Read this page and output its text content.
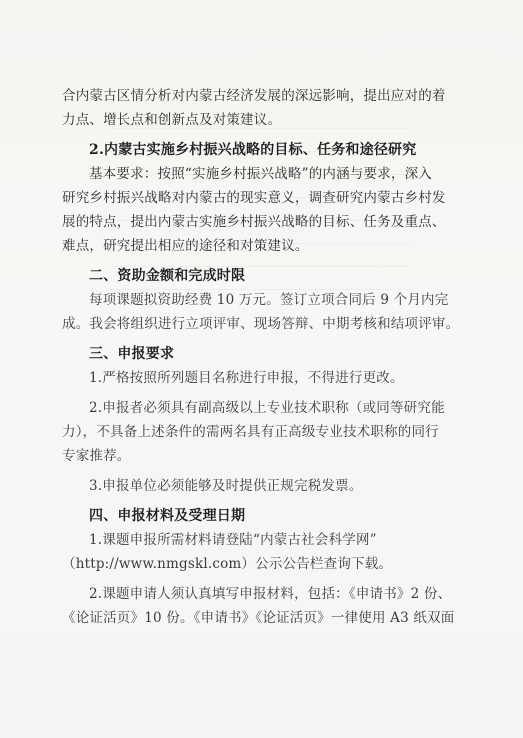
合内蒙古区情分析对内蒙古经济发展的深远影响，提出应对的着
力点、增长点和创新点及对策建议。
2.内蒙古实施乡村振兴战略的目标、任务和途径研究
基本要求：按照“实施乡村振兴战略”的内涵与要求，深入
研究乡村振兴战略对内蒙古的现实意义，调查研究内蒙古乡村发
展的特点，提出内蒙古实施乡村振兴战略的目标、任务及重点、
难点，研究提出相应的途径和对策建议。
二、资助金额和完成时限
每项课题拟资助经费 10 万元。签订立项合同后 9 个月内完
成。我会将组织进行立项评审、现场答辩、中期考核和结项评审。
三、申报要求
1.严格按照所列题目名称进行申报，不得进行更改。
2.申报者必须具有副高级以上专业技术职称（或同等研究能
力），不具备上述条件的需两名具有正高级专业技术职称的同行
专家推荐。
3.申报单位必须能够及时提供正规完税发票。
四、申报材料及受理日期
1.课题申报所需材料请登陆“内蒙古社会科学网”
（http://www.nmgskl.com）公示公告栏查询下载。
2.课题申请人须认真填写申报材料，包括：《申请书》2 份、
《论证活页》10 份。《申请书》《论证活页》一律使用 A3 纸双面
